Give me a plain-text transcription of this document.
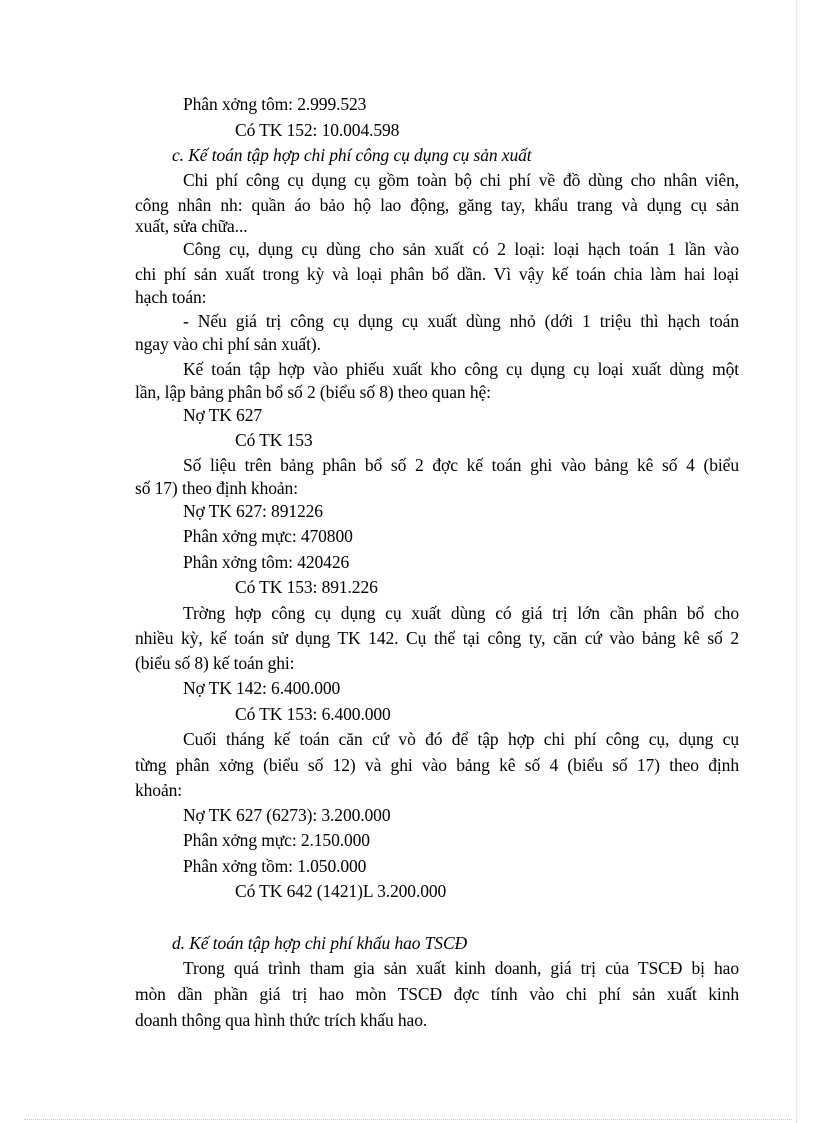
Phân xởng tôm: 2.999.523
Có TK 152: 10.004.598
c. Kế toán tập hợp chi phí công cụ dụng cụ sản xuất
Chi phí công cụ dụng cụ gồm toàn bộ chi phí về đồ dùng cho nhân viên,
công nhân nh: quần áo bảo hộ lao động, găng tay, khẩu trang và dụng cụ sản
xuất, sửa chữa...
Công cụ, dụng cụ dùng cho sản xuất có 2 loại: loại hạch toán 1 lần vào
chi phí sản xuất trong kỳ và loại phân bổ dần. Vì vậy kế toán chia làm hai loại
hạch toán:
- Nếu giá trị công cụ dụng cụ xuất dùng nhỏ (dới 1 triệu thì hạch toán
ngay vào chi phí sản xuất).
Kế toán tập hợp vào phiếu xuất kho công cụ dụng cụ loại xuất dùng một
lần, lập bảng phân bổ số 2 (biểu số 8) theo quan hệ:
Nợ TK 627
Có TK 153
Số liệu trên bảng phân bổ số 2 đợc kế toán ghi vào bảng kê số 4 (biểu
số 17) theo định khoản:
Nợ TK 627: 891226
Phân xởng mực: 470800
Phân xởng tôm: 420426
Có TK 153: 891.226
Trờng hợp công cụ dụng cụ xuất dùng có giá trị lớn cần phân bổ cho
nhiều kỳ, kế toán sử dụng TK 142. Cụ thể tại công ty, căn cứ vào bảng kê số 2
(biểu số 8) kế toán ghi:
Nợ TK 142: 6.400.000
Có TK 153: 6.400.000
Cuối tháng kế toán căn cứ vò đó để tập hợp chi phí công cụ, dụng cụ
từng phân xởng (biểu số 12) và ghi vào bảng kê số 4 (biểu số 17) theo định
khoản:
Nợ TK 627 (6273): 3.200.000
Phân xởng mực: 2.150.000
Phân xởng tồm: 1.050.000
Có TK 642 (1421)L 3.200.000
d. Kế toán tập hợp chi phí khấu hao TSCĐ
Trong quá trình tham gia sản xuất kinh doanh, giá trị của TSCĐ bị hao
mòn dần phần giá trị hao mòn TSCĐ đợc tính vào chi phí sản xuất kinh
doanh thông qua hình thức trích khấu hao.
